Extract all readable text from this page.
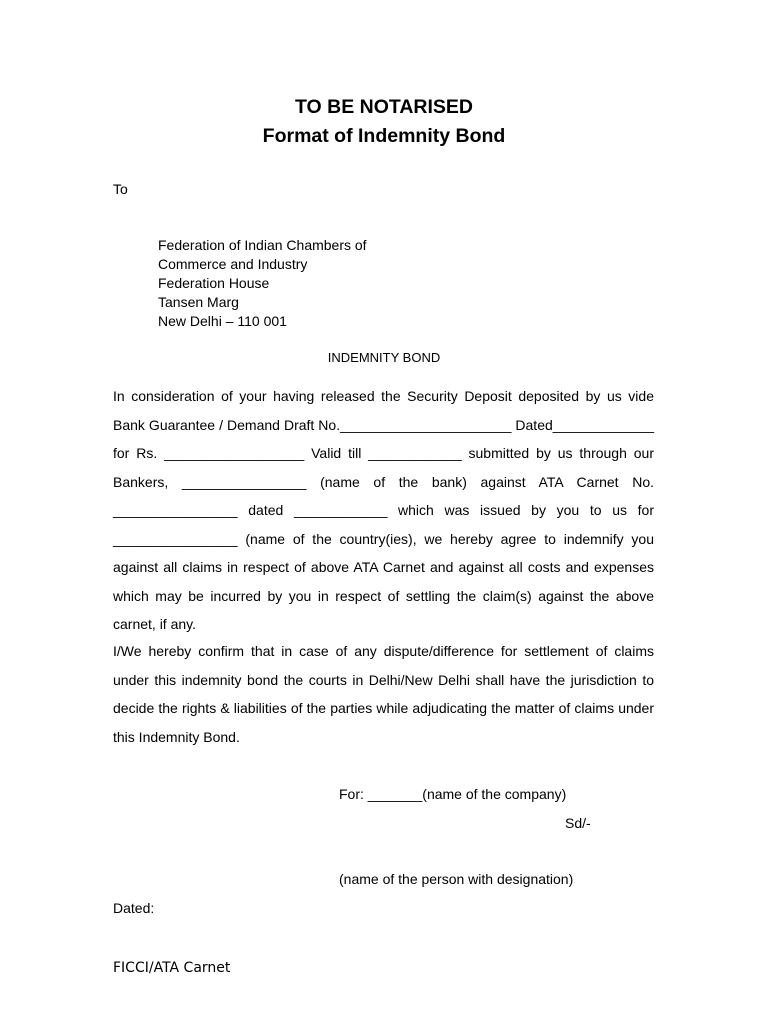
TO BE NOTARISED
Format of Indemnity Bond
To
Federation of Indian Chambers of
Commerce and Industry
Federation House
Tansen Marg
New Delhi – 110 001
INDEMNITY BOND

In consideration of your having released the Security Deposit deposited by us vide Bank Guarantee / Demand Draft No.______________________ Dated_____________ for Rs. __________________ Valid till ____________ submitted by us through our Bankers, ________________ (name of the bank) against ATA Carnet No. ________________ dated ____________ which was issued by you to us for ________________ (name of the country(ies), we hereby agree to indemnify you against all claims in respect of above ATA Carnet and against all costs and expenses which may be incurred by you in respect of settling the claim(s) against the above carnet, if any.

I/We hereby confirm that in case of any dispute/difference for settlement of claims under this indemnity bond the courts in Delhi/New Delhi shall have the jurisdiction to decide the rights & liabilities of the parties while adjudicating the matter of claims under this Indemnity Bond.

For: _______(name of the company)
Sd/-
(name of the person with designation)
Dated:
FICCI/ATA Carnet
